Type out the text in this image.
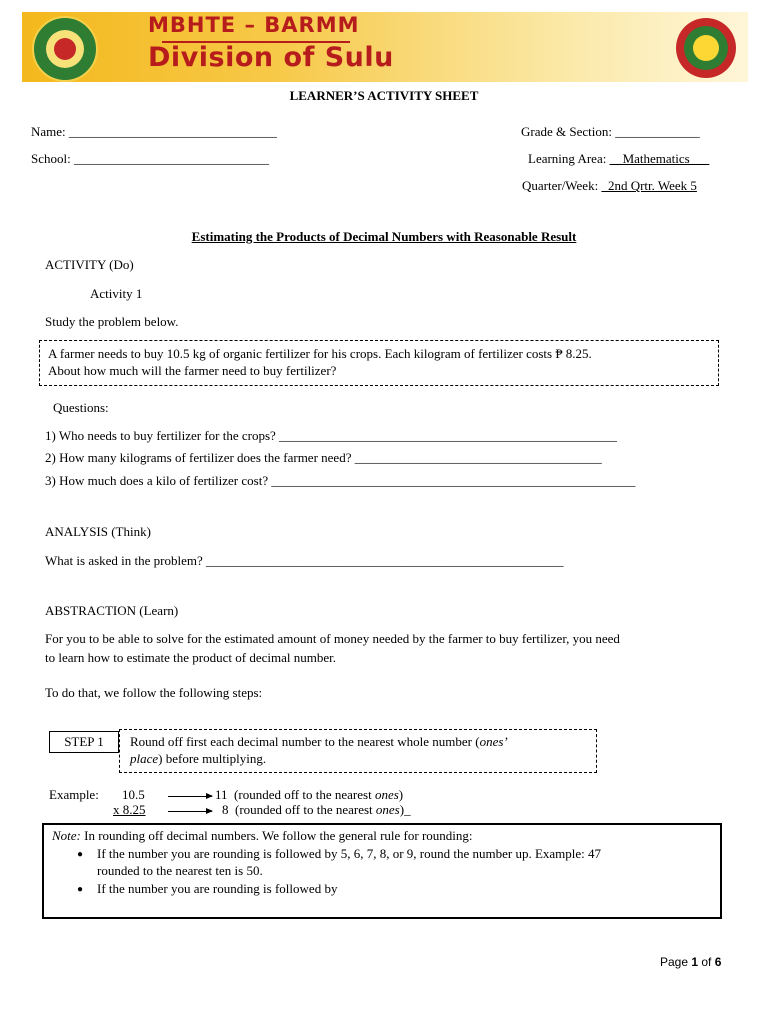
MBHTE – BARMM
Division of Sulu
LEARNER’S ACTIVITY SHEET
Name: ________________________________
School: ______________________________
Grade & Section: _____________
Learning Area: __Mathematics___
Quarter/Week: _2nd Qrtr. Week 5
Estimating the Products of Decimal Numbers with Reasonable Result
ACTIVITY (Do)
Activity 1
Study the problem below.
A farmer needs to buy 10.5 kg of organic fertilizer for his crops. Each kilogram of fertilizer costs ₱ 8.25.
About how much will the farmer need to buy fertilizer?
Questions:
1) Who needs to buy fertilizer for the crops? ____________________________________________________
2) How many kilograms of fertilizer does the farmer need? ______________________________________
3) How much does a kilo of fertilizer cost? ________________________________________________________
ANALYSIS (Think)
What is asked in the problem? _______________________________________________________
ABSTRACTION (Learn)
For you to be able to solve for the estimated amount of money needed by the farmer to buy fertilizer, you need
to learn how to estimate the product of decimal number.
To do that, we follow the following steps:
STEP 1	Round off first each decimal number to the nearest whole number (ones’
place) before multiplying.
Example: 10.5
x 8.25
11 (rounded off to the nearest ones)
8 (rounded off to the nearest ones)_
Note: In rounding off decimal numbers. We follow the general rule for rounding:
● If the number you are rounding is followed by 5, 6, 7, 8, or 9, round the number up. Example: 47
rounded to the nearest ten is 50.
● If the number you are rounding is followed by
Page 1 of 6
